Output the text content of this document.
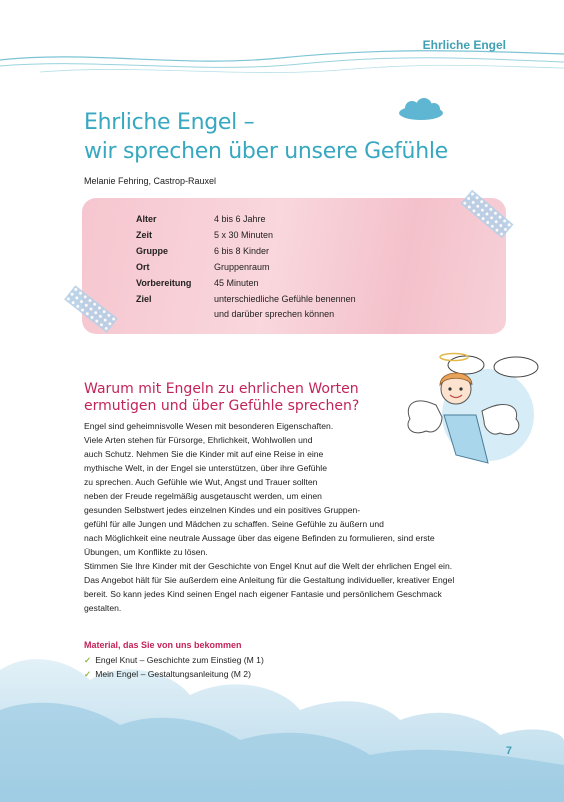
Ehrliche Engel
Ehrliche Engel –
wir sprechen über unsere Gefühle
Melanie Fehring, Castrop-Rauxel
Alter	4 bis 6 Jahre
Zeit	5 x 30 Minuten
Gruppe	6 bis 8 Kinder
Ort	Gruppenraum
Vorbereitung	45 Minuten
Ziel	unterschiedliche Gefühle benennen
und darüber sprechen können
Warum mit Engeln zu ehrlichen Worten
ermutigen und über Gefühle sprechen?
Engel sind geheimnisvolle Wesen mit besonderen Eigenschaften.
Viele Arten stehen für Fürsorge, Ehrlichkeit, Wohlwollen und
auch Schutz. Nehmen Sie die Kinder mit auf eine Reise in eine
mythische Welt, in der Engel sie unterstützen, über ihre Gefühle
zu sprechen. Auch Gefühle wie Wut, Angst und Trauer sollten
neben der Freude regelmäßig ausgetauscht werden, um einen
gesunden Selbstwert jedes einzelnen Kindes und ein positives Gruppen-
gefühl für alle Jungen und Mädchen zu schaffen. Seine Gefühle zu äußern und
nach Möglichkeit eine neutrale Aussage über das eigene Befinden zu formulieren, sind erste
Übungen, um Konflikte zu lösen.
Stimmen Sie Ihre Kinder mit der Geschichte von Engel Knut auf die Welt der ehrlichen Engel ein.
Das Angebot hält für Sie außerdem eine Anleitung für die Gestaltung individueller, kreativer Engel
bereit. So kann jedes Kind seinen Engel nach eigener Fantasie und persönlichem Geschmack
gestalten.
Material, das Sie von uns bekommen
✓ Engel Knut – Geschichte zum Einstieg (M 1)
✓ Mein Engel – Gestaltungsanleitung (M 2)
7
